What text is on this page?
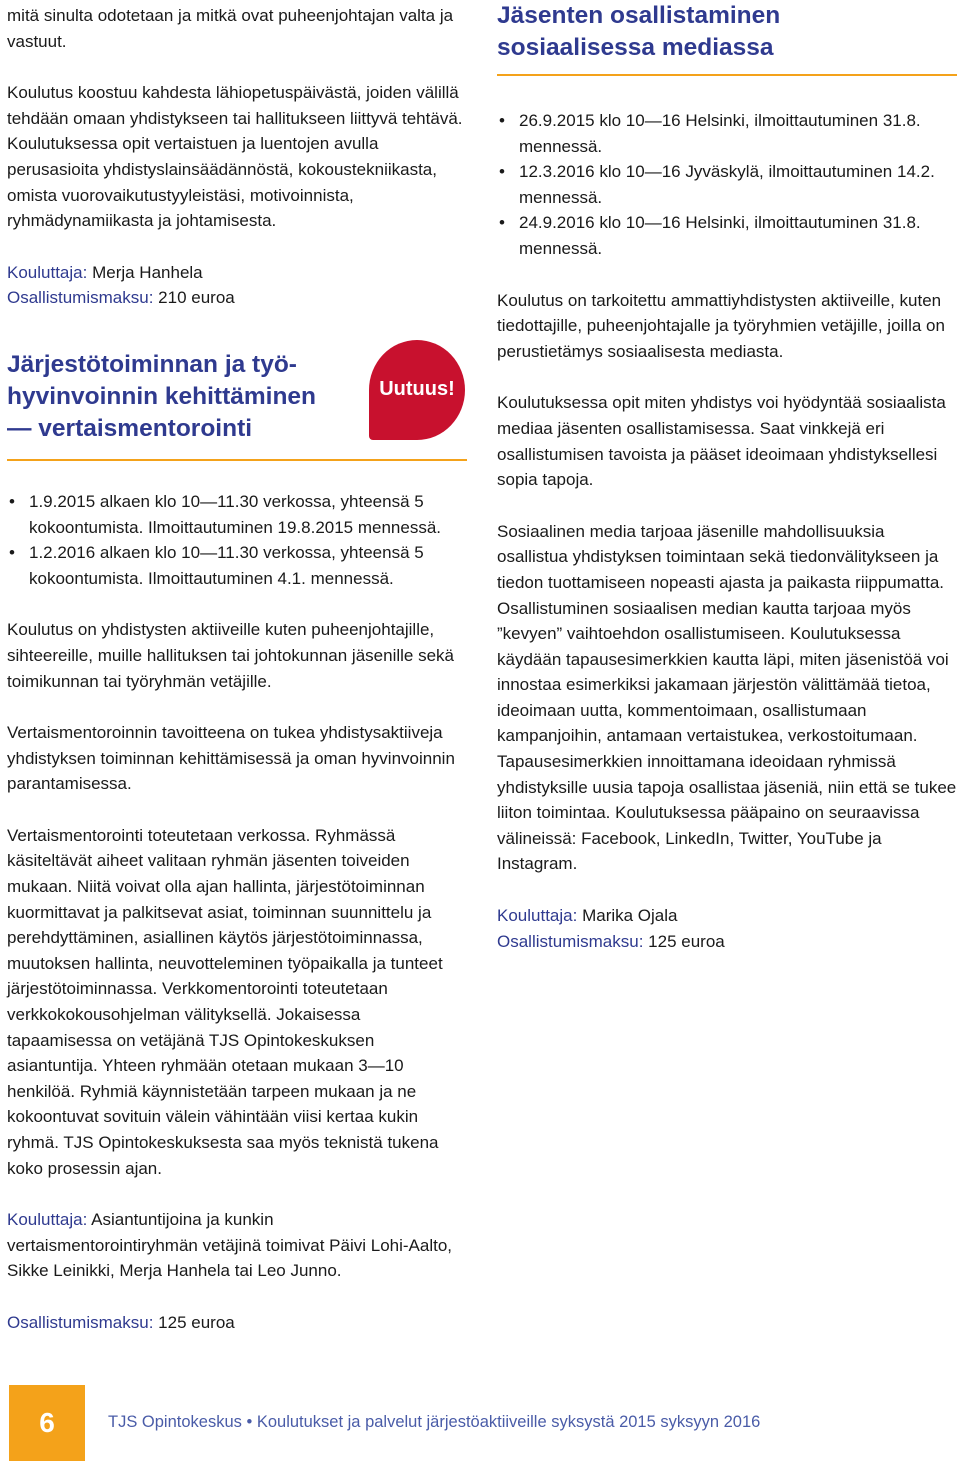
mitä sinulta odotetaan ja mitkä ovat puheenjohtajan valta ja vastuut.

Koulutus koostuu kahdesta lähiopetuspäivästä, joiden välillä tehdään omaan yhdistykseen tai hallitukseen liittyvä tehtävä. Koulutuksessa opit vertaistuen ja luentojen avulla perusasioita yhdistyslainsäädännöstä, kokoustekniikasta, omista vuorovaikutustyyleistäsi, motivoinnista, ryhmädynamiikasta ja johtamisesta.

Kouluttaja: Merja Hanhela

Osallistumismaksu: 210 euroa

Järjestötoiminnan ja työ-
hyvinvoinnin kehittäminen
— vertaismentorointi
• 1.9.2015 alkaen klo 10—11.30 verkossa, yhteensä 5 kokoontumista. Ilmoittautuminen 19.8.2015 mennessä.
• 1.2.2016 alkaen klo 10—11.30 verkossa, yhteensä 5 kokoontumista. Ilmoittautuminen 4.1. mennessä.

Koulutus on yhdistysten aktiiveille kuten puheenjohtajille, sihteereille, muille hallituksen tai johtokunnan jäsenille sekä toimikunnan tai työryhmän vetäjille.

Vertaismentoroinnin tavoitteena on tukea yhdistysaktiiveja yhdistyksen toiminnan kehittämisessä ja oman hyvinvoinnin parantamisessa.

Vertaismentorointi toteutetaan verkossa. Ryhmässä käsiteltävät aiheet valitaan ryhmän jäsenten toiveiden mukaan. Niitä voivat olla ajan hallinta, järjestötoiminnan kuormittavat ja palkitsevat asiat, toiminnan suunnittelu ja perehdyttäminen, asiallinen käytös järjestötoiminnassa, muutoksen hallinta, neuvotteleminen työpaikalla ja tunteet järjestötoiminnassa. Verkkomentorointi toteutetaan verkkokokousohjelman välityksellä. Jokaisessa tapaamisessa on vetäjänä TJS Opintokeskuksen asiantuntija. Yhteen ryhmään otetaan mukaan 3—10 henkilöä. Ryhmiä käynnistetään tarpeen mukaan ja ne kokoontuvat sovituin välein vähintään viisi kertaa kukin ryhmä. TJS Opintokeskuksesta saa myös teknistä tukena koko prosessin ajan.

Kouluttaja: Asiantuntijoina ja kunkin vertaismentorointiryhmän vetäjinä toimivat Päivi Lohi-Aalto, Sikke Leinikki, Merja Hanhela tai Leo Junno.

Osallistumismaksu: 125 euroa

Uutuus!
Jäsenten osallistaminen
sosiaalisessa mediassa
• 26.9.2015 klo 10—16 Helsinki, ilmoittautuminen 31.8. mennessä.
• 12.3.2016 klo 10—16 Jyväskylä, ilmoittautuminen 14.2. mennessä.
• 24.9.2016 klo 10—16 Helsinki, ilmoittautuminen 31.8. mennessä.

Koulutus on tarkoitettu ammattiyhdistysten aktiiveille, kuten tiedottajille, puheenjohtajalle ja työryhmien vetäjille, joilla on perustietämys sosiaalisesta mediasta.

Koulutuksessa opit miten yhdistys voi hyödyntää sosiaalista mediaa jäsenten osallistamisessa. Saat vinkkejä eri osallistumisen tavoista ja pääset ideoimaan yhdistyksellesi sopia tapoja.

Sosiaalinen media tarjoaa jäsenille mahdollisuuksia osallistua yhdistyksen toimintaan sekä tiedonvälitykseen ja tiedon tuottamiseen nopeasti ajasta ja paikasta riippumatta. Osallistuminen sosiaalisen median kautta tarjoaa myös ”kevyen” vaihtoehdon osallistumiseen. Koulutuksessa käydään tapausesimerkkien kautta läpi, miten jäsenistöä voi innostaa esimerkiksi jakamaan järjestön välittämää tietoa, ideoimaan uutta, kommentoimaan, osallistumaan kampanjoihin, antamaan vertaistukea, verkostoitumaan. Tapausesimerkkien innoittamana ideoidaan ryhmissä yhdistyksille uusia tapoja osallistaa jäseniä, niin että se tukee liiton toimintaa. Koulutuksessa pääpaino on seuraavissa välineissä: Facebook, LinkedIn, Twitter, YouTube ja Instagram.

Kouluttaja: Marika Ojala

Osallistumismaksu: 125 euroa

6	TJS Opintokeskus • Koulutukset ja palvelut järjestöaktiiveille syksystä 2015 syksyyn 2016
